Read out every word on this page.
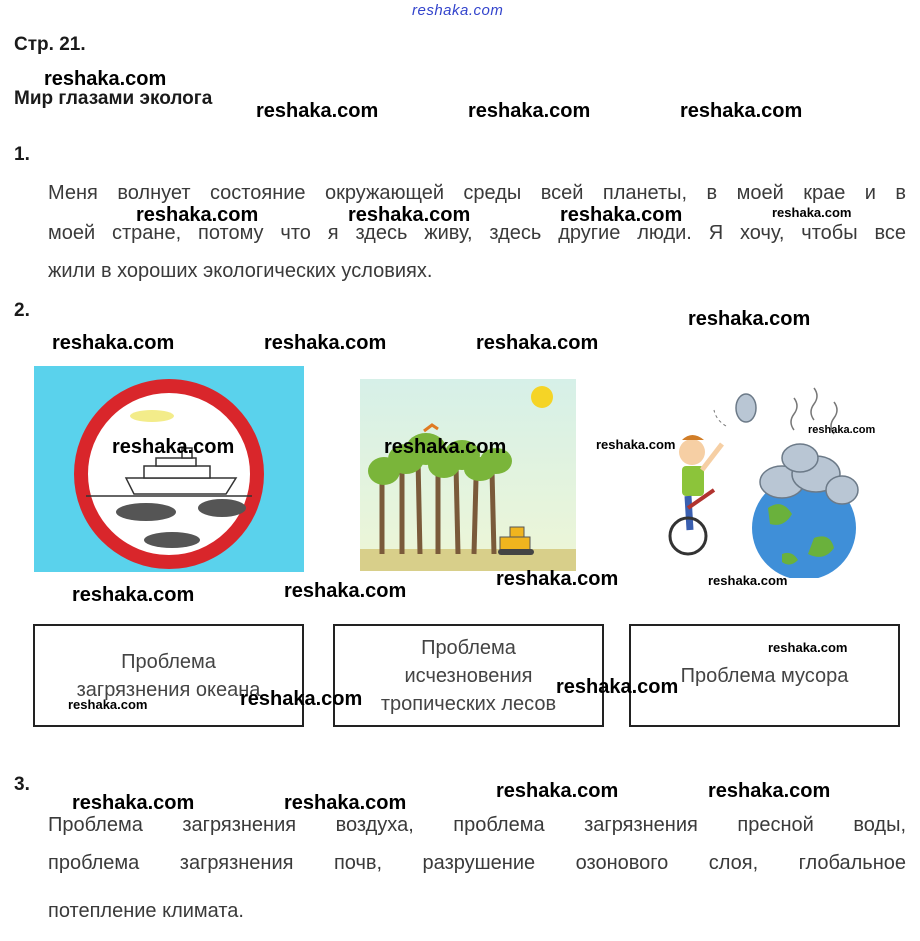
reshaka.com
Стр. 21.
Мир глазами эколога
1.
Меня волнует состояние окружающей среды всей планеты, в моей крае и в
моей стране, потому что я здесь живу, здесь другие люди. Я хочу, чтобы все
жили в хороших экологических условиях.
2.
Проблема
загрязнения океана
Проблема
исчезновения
тропических лесов
Проблема мусора
3.
Проблема загрязнения воздуха, проблема загрязнения пресной воды,
проблема загрязнения почв, разрушение озонового слоя, глобальное
потепление климата.
reshaka.com
reshaka.com	reshaka.com	reshaka.com
reshaka.com	reshaka.com	reshaka.com	reshaka.com
reshaka.com
reshaka.com	reshaka.com	reshaka.com
reshaka.com	reshaka.com	reshaka.com
reshaka.com
reshaka.com	reshaka.com
reshaka.com	reshaka.com
reshaka.com
reshaka.com
reshaka.com
reshaka.com
reshaka.com	reshaka.com
reshaka.com	reshaka.com
